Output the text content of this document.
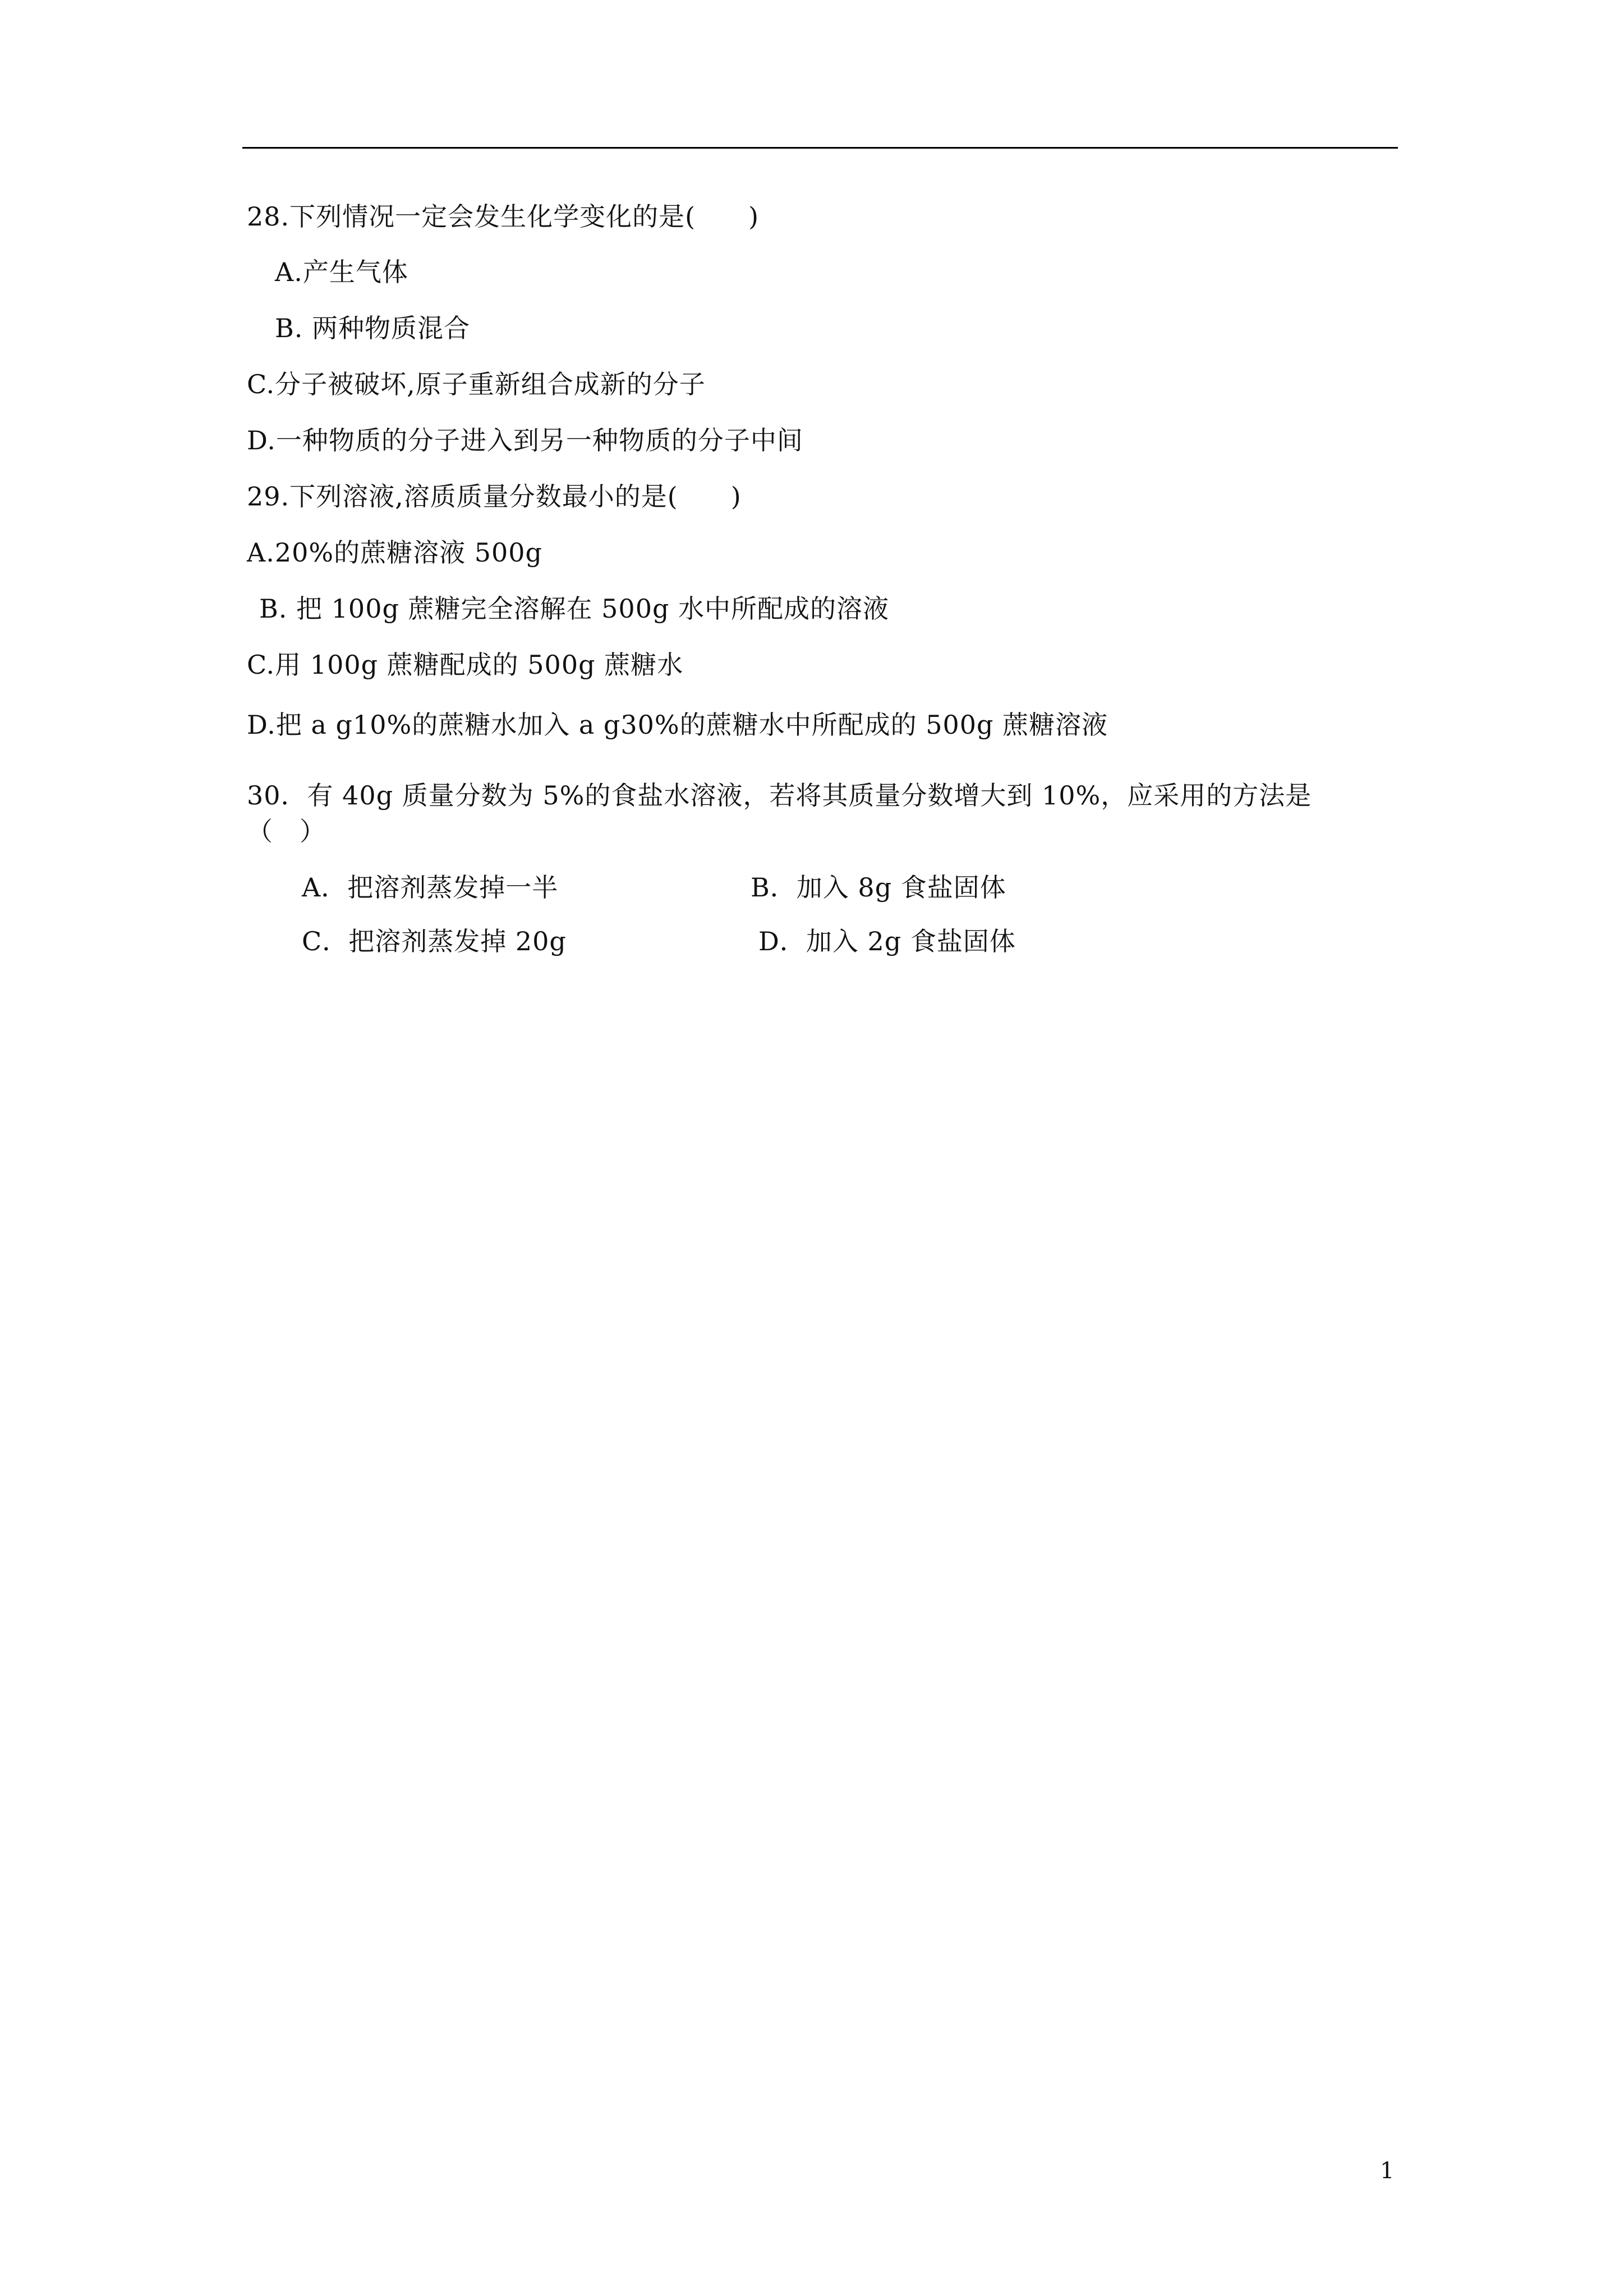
28.下列情况一定会发生化学变化的是(　　)
A.产生气体
B. 两种物质混合
C.分子被破坏,原子重新组合成新的分子
D.一种物质的分子进入到另一种物质的分子中间
29.下列溶液,溶质质量分数最小的是(　　)
A.20%的蔗糖溶液 500g
B. 把 100g 蔗糖完全溶解在 500g 水中所配成的溶液
C.用 100g 蔗糖配成的 500g 蔗糖水
D.把 a g10%的蔗糖水加入 a g30%的蔗糖水中所配成的 500g 蔗糖溶液
30．有 40g 质量分数为 5%的食盐水溶液，若将其质量分数增大到 10%，应采用的方法是
（　）
A．把溶剂蒸发掉一半	B．加入 8g 食盐固体
C．把溶剂蒸发掉 20g	D．加入 2g 食盐固体
1
